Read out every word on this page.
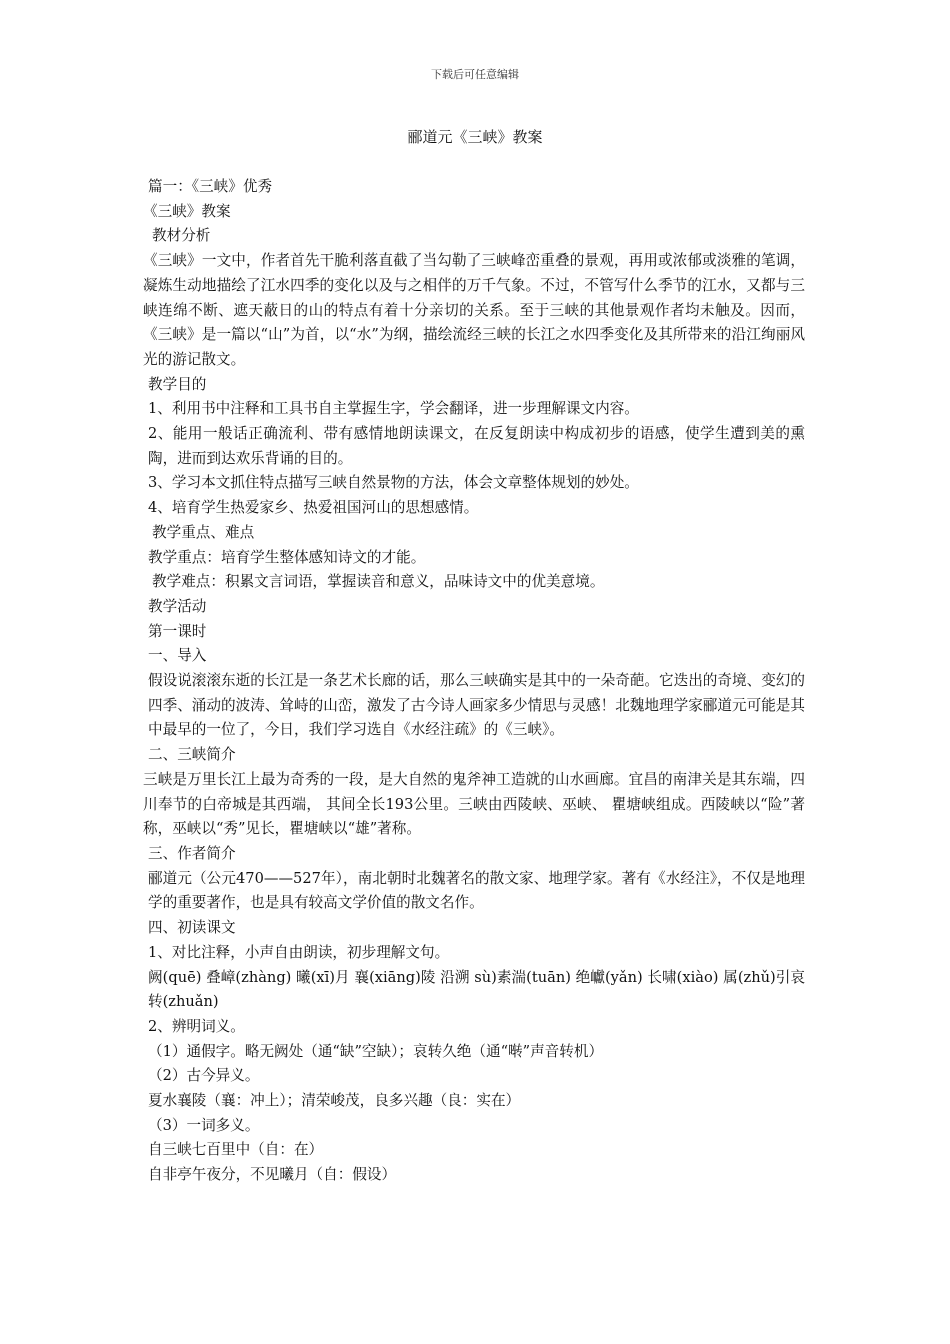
下载后可任意编辑
郦道元《三峡》教案

篇一：《三峡》优秀

《三峡》教案

教材分析

《三峡》一文中，作者首先干脆利落直截了当勾勒了三峡峰峦重叠的景观，再用或浓郁或淡雅的笔调，凝炼生动地描绘了江水四季的变化以及与之相伴的万千气象。不过，不管写什么季节的江水，又都与三峡连绵不断、遮天蔽日的山的特点有着十分亲切的关系。至于三峡的其他景观作者均未触及。因而，《三峡》是一篇以“山”为首，以“水”为纲，描绘流经三峡的长江之水四季变化及其所带来的沿江绚丽风光的游记散文。

教学目的

1、利用书中注释和工具书自主掌握生字，学会翻译，进一步理解课文内容。

2、能用一般话正确流利、带有感情地朗读课文，在反复朗读中构成初步的语感，使学生遭到美的熏陶，进而到达欢乐背诵的目的。

3、学习本文抓住特点描写三峡自然景物的方法，体会文章整体规划的妙处。

4、培育学生热爱家乡、热爱祖国河山的思想感情。

教学重点、难点

教学重点：培育学生整体感知诗文的才能。

教学难点：积累文言词语，掌握读音和意义，品味诗文中的优美意境。

教学活动

第一课时

一、导入

假设说滚滚东逝的长江是一条艺术长廊的话，那么三峡确实是其中的一朵奇葩。它迭出的奇境、变幻的四季、涌动的波涛、耸峙的山峦，激发了古今诗人画家多少情思与灵感！北魏地理学家郦道元可能是其中最早的一位了，今日，我们学习选自《水经注疏》的《三峡》。

二、三峡简介

三峡是万里长江上最为奇秀的一段，是大自然的鬼斧神工造就的山水画廊。宜昌的南津关是其东端，四川奉节的白帝城是其西端， 其间全长193公里。三峡由西陵峡、巫峡、 瞿塘峡组成。西陵峡以“险”著称，巫峡以“秀”见长，瞿塘峡以“雄”著称。

三、作者简介

郦道元（公元470——527年），南北朝时北魏著名的散文家、地理学家。著有《水经注》，不仅是地理学的重要著作，也是具有较高文学价值的散文名作。

四、初读课文

1、对比注释，小声自由朗读，初步理解文句。

阙(quē) 叠嶂(zhàng) 曦(xī)月 襄(xiāng)陵 沿溯 sù)素湍(tuān) 绝巘(yǎn) 长啸(xiào) 属(zhǔ)引哀转(zhuǎn)

2、辨明词义。

（1）通假字。略无阙处（通“缺”空缺）；哀转久绝（通“啭”声音转机）

（2）古今异义。

夏水襄陵（襄：冲上）；清荣峻茂，良多兴趣（良：实在）

（3）一词多义。

自三峡七百里中（自：在）

自非亭午夜分，不见曦月（自：假设）
